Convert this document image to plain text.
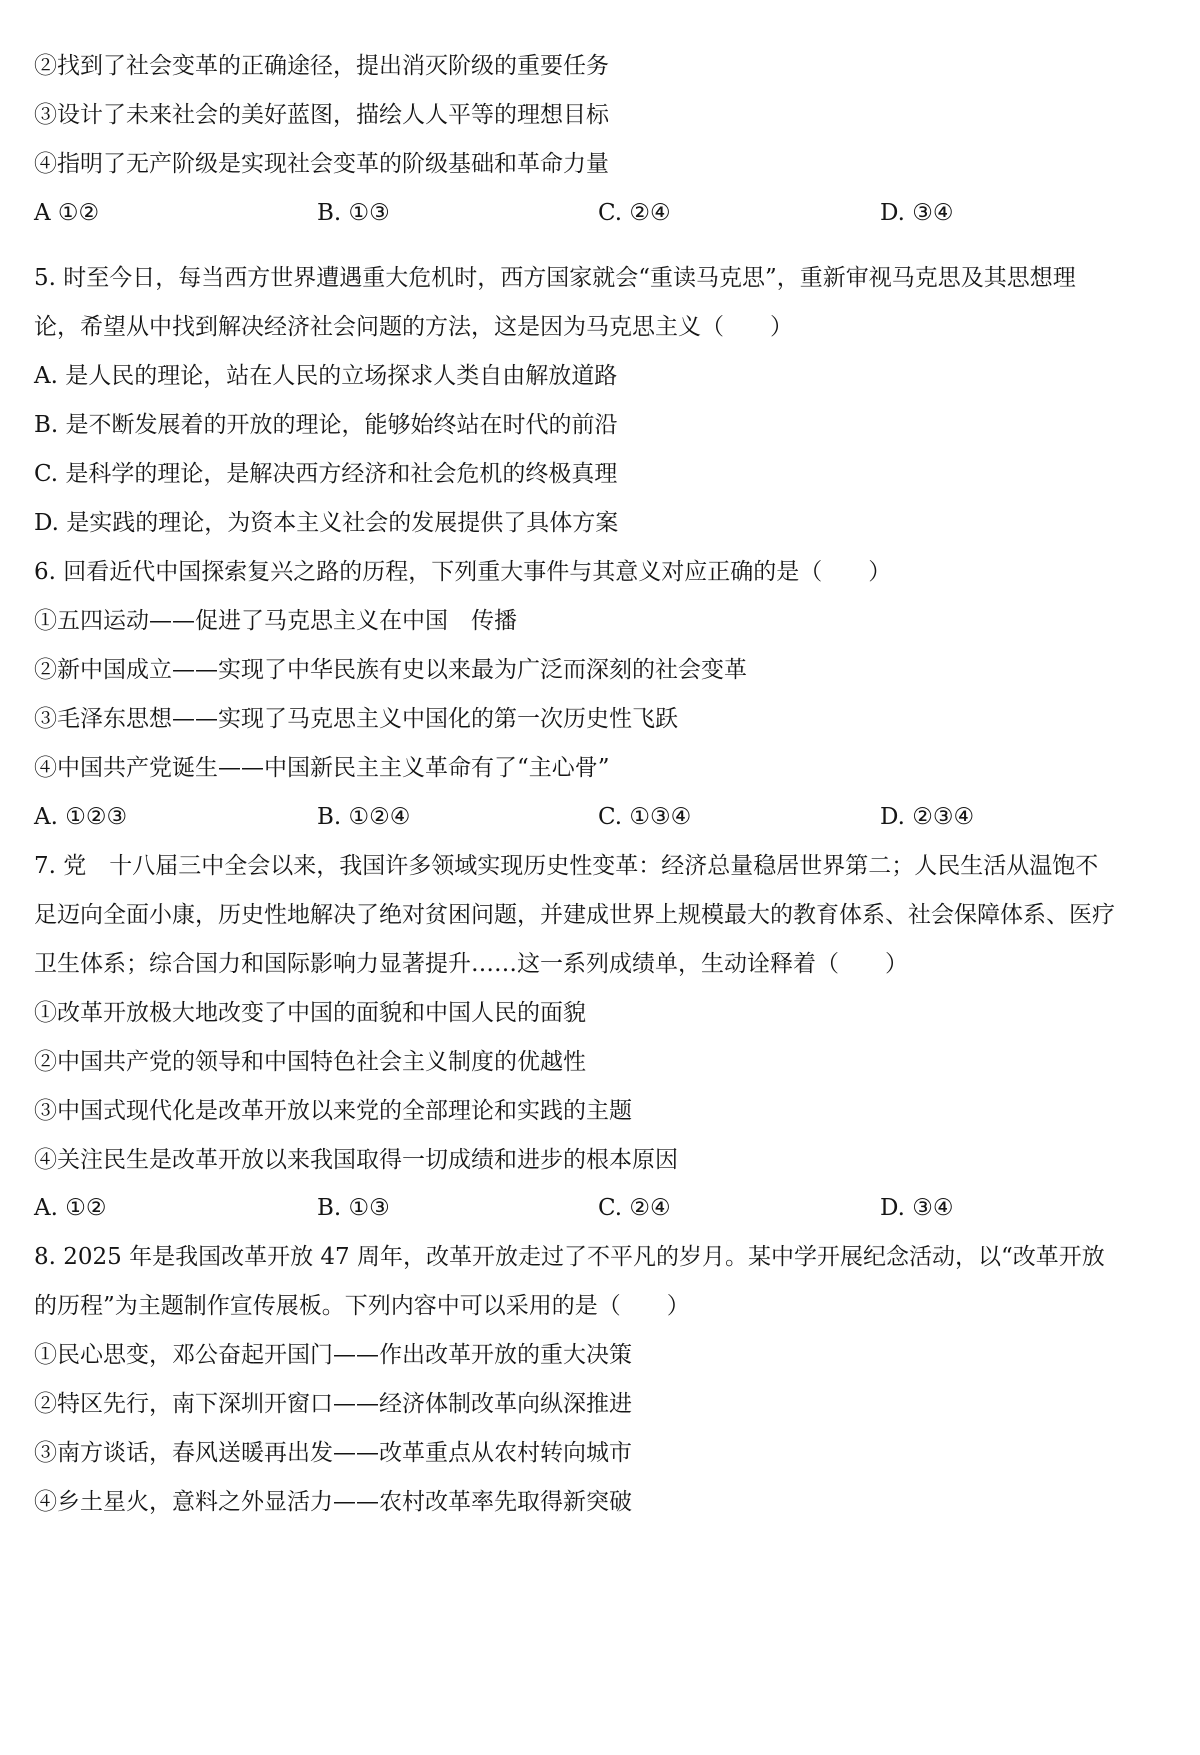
②找到了社会变革的正确途径，提出消灭阶级的重要任务
③设计了未来社会的美好蓝图，描绘人人平等的理想目标
④指明了无产阶级是实现社会变革的阶级基础和革命力量
A ①②	B. ①③	C. ②④	D. ③④
5. 时至今日，每当西方世界遭遇重大危机时，西方国家就会“重读马克思”，重新审视马克思及其思想理
论，希望从中找到解决经济社会问题的方法，这是因为马克思主义（　　）
A. 是人民的理论，站在人民的立场探求人类自由解放道路
B. 是不断发展着的开放的理论，能够始终站在时代的前沿
C. 是科学的理论，是解决西方经济和社会危机的终极真理
D. 是实践的理论，为资本主义社会的发展提供了具体方案
6. 回看近代中国探索复兴之路的历程，下列重大事件与其意义对应正确的是（　　）
①五四运动——促进了马克思主义在中国　传播
②新中国成立——实现了中华民族有史以来最为广泛而深刻的社会变革
③毛泽东思想——实现了马克思主义中国化的第一次历史性飞跃
④中国共产党诞生——中国新民主主义革命有了“主心骨”
A. ①②③	B. ①②④	C. ①③④	D. ②③④
7. 党　十八届三中全会以来，我国许多领域实现历史性变革：经济总量稳居世界第二；人民生活从温饱不
足迈向全面小康，历史性地解决了绝对贫困问题，并建成世界上规模最大的教育体系、社会保障体系、医疗
卫生体系；综合国力和国际影响力显著提升……这一系列成绩单，生动诠释着（　　）
①改革开放极大地改变了中国的面貌和中国人民的面貌
②中国共产党的领导和中国特色社会主义制度的优越性
③中国式现代化是改革开放以来党的全部理论和实践的主题
④关注民生是改革开放以来我国取得一切成绩和进步的根本原因
A. ①②	B. ①③	C. ②④	D. ③④
8. 2025 年是我国改革开放 47 周年，改革开放走过了不平凡的岁月。某中学开展纪念活动，以“改革开放
的历程”为主题制作宣传展板。下列内容中可以采用的是（　　）
①民心思变，邓公奋起开国门——作出改革开放的重大决策
②特区先行，南下深圳开窗口——经济体制改革向纵深推进
③南方谈话，春风送暖再出发——改革重点从农村转向城市
④乡土星火，意料之外显活力——农村改革率先取得新突破
